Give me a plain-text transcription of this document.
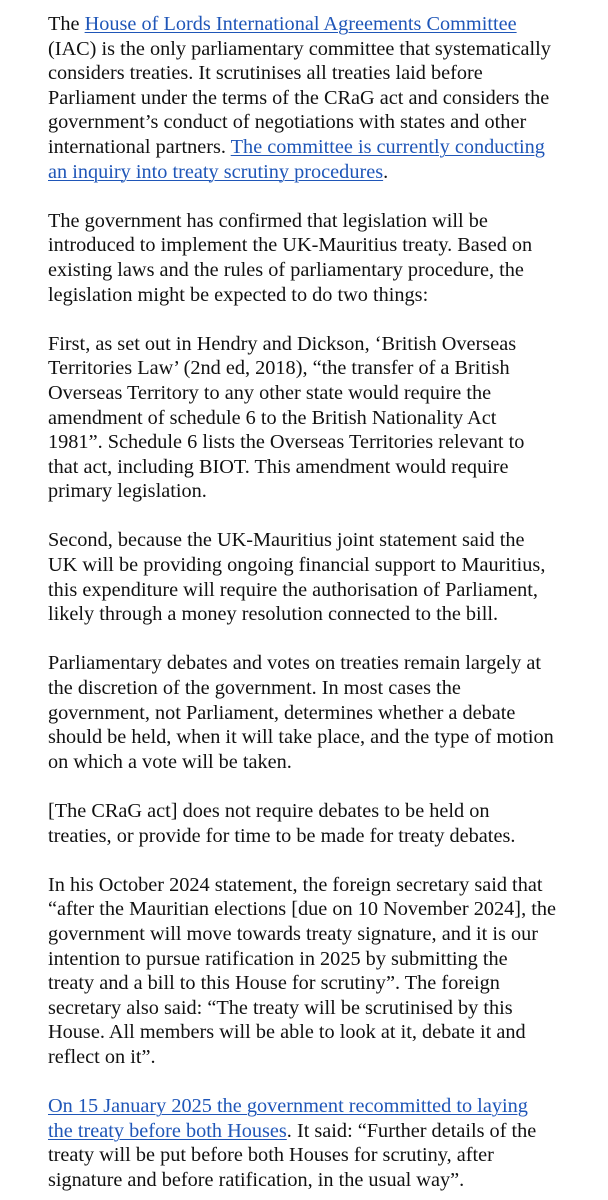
The House of Lords International Agreements Committee
(IAC) is the only parliamentary committee that systematically
considers treaties. It scrutinises all treaties laid before
Parliament under the terms of the CRaG act and considers the
government’s conduct of negotiations with states and other
international partners. The committee is currently conducting
an inquiry into treaty scrutiny procedures.

The government has confirmed that legislation will be
introduced to implement the UK-Mauritius treaty. Based on
existing laws and the rules of parliamentary procedure, the
legislation might be expected to do two things:

First, as set out in Hendry and Dickson, ‘British Overseas
Territories Law’ (2nd ed, 2018), “the transfer of a British
Overseas Territory to any other state would require the
amendment of schedule 6 to the British Nationality Act
1981”. Schedule 6 lists the Overseas Territories relevant to
that act, including BIOT. This amendment would require
primary legislation.

Second, because the UK-Mauritius joint statement said the
UK will be providing ongoing financial support to Mauritius,
this expenditure will require the authorisation of Parliament,
likely through a money resolution connected to the bill.

Parliamentary debates and votes on treaties remain largely at
the discretion of the government. In most cases the
government, not Parliament, determines whether a debate
should be held, when it will take place, and the type of motion
on which a vote will be taken.

[The CRaG act] does not require debates to be held on
treaties, or provide for time to be made for treaty debates.

In his October 2024 statement, the foreign secretary said that
“after the Mauritian elections [due on 10 November 2024], the
government will move towards treaty signature, and it is our
intention to pursue ratification in 2025 by submitting the
treaty and a bill to this House for scrutiny”. The foreign
secretary also said: “The treaty will be scrutinised by this
House. All members will be able to look at it, debate it and
reflect on it”.

On 15 January 2025 the government recommitted to laying
the treaty before both Houses. It said: “Further details of the
treaty will be put before both Houses for scrutiny, after
signature and before ratification, in the usual way”.
